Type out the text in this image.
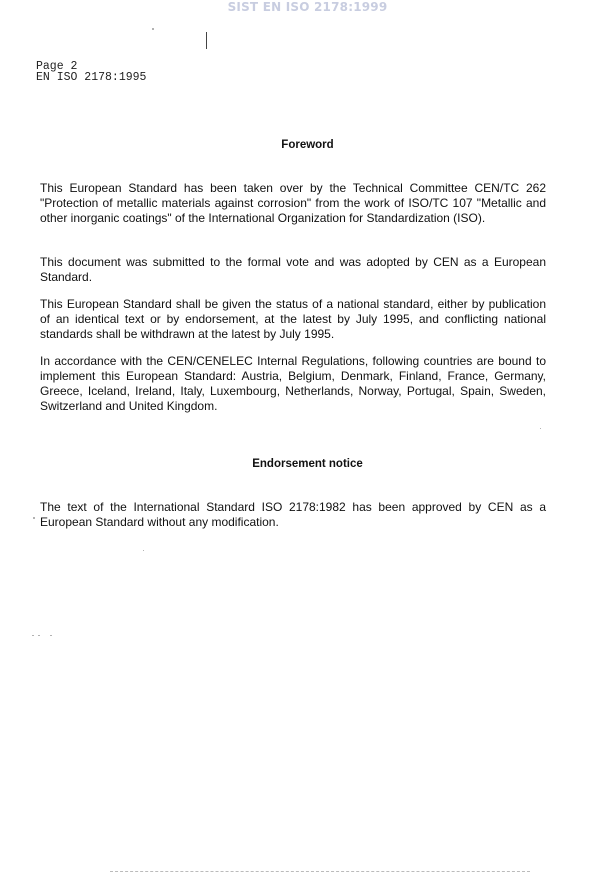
SIST EN ISO 2178:1999
Page 2
EN ISO 2178:1995
Foreword
This European Standard has been taken over by the Technical Committee CEN/TC 262 "Protection of metallic materials against corrosion" from the work of ISO/TC 107 "Metallic and other inorganic coatings" of the International Organization for Standardization (ISO).
This document was submitted to the formal vote and was adopted by CEN as a European Standard.
This European Standard shall be given the status of a national standard, either by publication of an identical text or by endorsement, at the latest by July 1995, and conflicting national standards shall be withdrawn at the latest by July 1995.
In accordance with the CEN/CENELEC Internal Regulations, following countries are bound to implement this European Standard: Austria, Belgium, Denmark, Finland, France, Germany, Greece, Iceland, Ireland, Italy, Luxembourg, Netherlands, Norway, Portugal, Spain, Sweden, Switzerland and United Kingdom.
Endorsement notice
The text of the International Standard ISO 2178:1982 has been approved by CEN as a European Standard without any modification.
